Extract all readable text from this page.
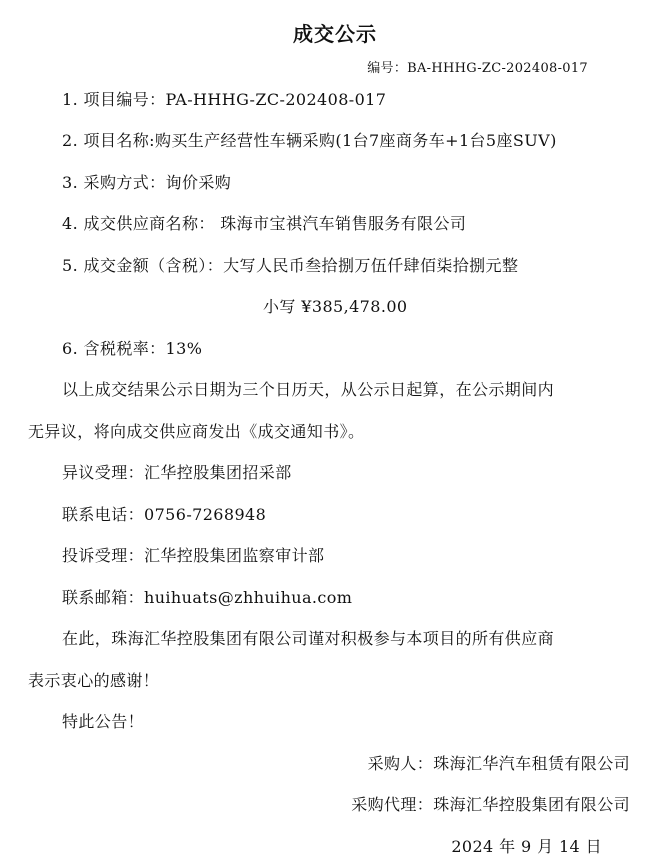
成交公示
编号：BA-HHHG-ZC-202408-017
1. 项目编号：PA-HHHG-ZC-202408-017
2. 项目名称:购买生产经营性车辆采购(1台7座商务车+1台5座SUV)
3. 采购方式：询价采购
4. 成交供应商名称： 珠海市宝祺汽车销售服务有限公司
5. 成交金额（含税）：大写人民币叁拾捌万伍仟肆佰柒拾捌元整
小写 ¥385,478.00
6. 含税税率：13%
以上成交结果公示日期为三个日历天，从公示日起算，在公示期间内
无异议，将向成交供应商发出《成交通知书》。
异议受理：汇华控股集团招采部
联系电话：0756-7268948
投诉受理：汇华控股集团监察审计部
联系邮箱：huihuats@zhhuihua.com
在此，珠海汇华控股集团有限公司谨对积极参与本项目的所有供应商
表示衷心的感谢！
特此公告！
采购人：珠海汇华汽车租赁有限公司
采购代理：珠海汇华控股集团有限公司
2024 年 9 月 14 日
